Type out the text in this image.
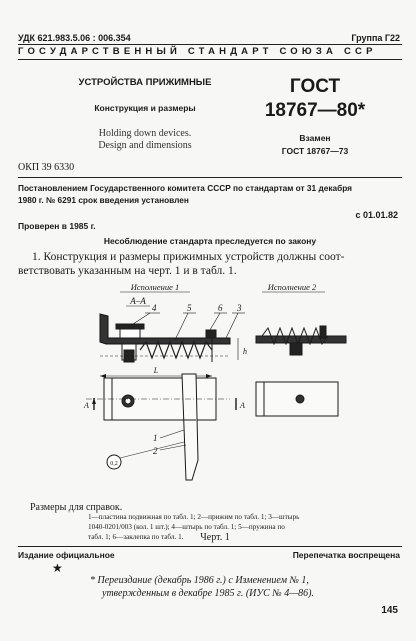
УДК 621.983.5.06 : 006.354	Группа Г22
ГОСУДАРСТВЕННЫЙ СТАНДАРТ СОЮЗА ССР
УСТРОЙСТВА ПРИЖИМНЫЕ
Конструкция и размеры
Holding down devices.
Design and dimensions
ГОСТ
18767—80*
Взамен
ГОСТ 18767—73
ОКП 39 6330
Постановлением Государственного комитета СССР по стандартам от 31 декабря
1980 г. № 6291 срок введения установлен
с 01.01.82
Проверен в 1985 г.
Несоблюдение стандарта преследуется по закону
1. Конструкция и размеры прижимных устройств должны соот-
ветствовать указанным на черт. 1 и в табл. 1.
Исполнение 1	Исполнение 2
А–А
4	5	6 3
h
L
А	А
1
2
0,2
Размеры для справок.
1—пластина подвижная по табл. 1; 2—прижим по табл. 1; 3—штырь
1040-0201/003 (кол. 1 шт.); 4—штырь по табл. 1; 5—пружина по
табл. 1; 6—заклепка по табл. 1.	Черт. 1
Издание официальное	Перепечатка воспрещена
★
* Переиздание (декабрь 1986 г.) с Изменением № 1,
утвержденным в декабре 1985 г. (ИУС № 4—86).
145
